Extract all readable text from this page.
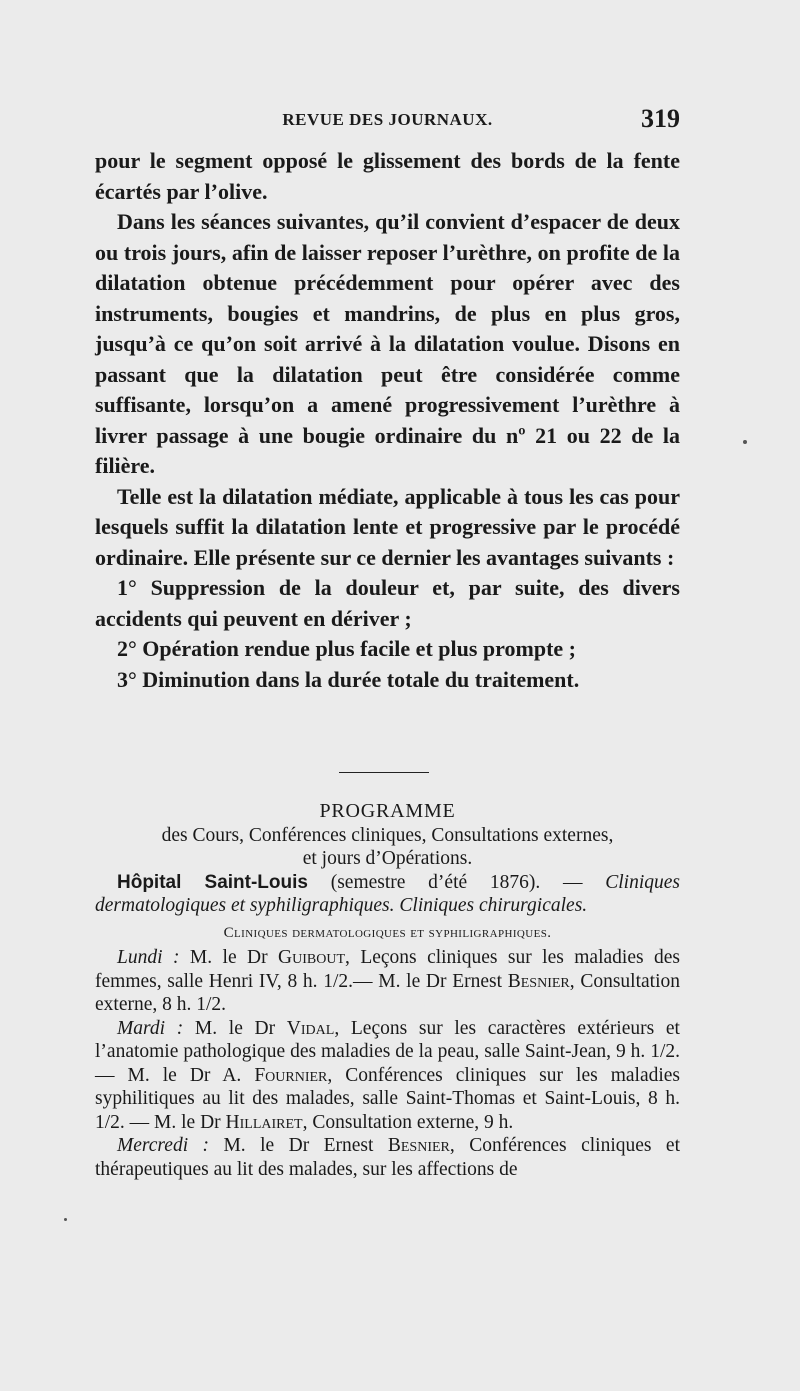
REVUE DES JOURNAUX.	319

pour le segment opposé le glissement des bords de la fente écartés par l’olive.

Dans les séances suivantes, qu’il convient d’espacer de deux ou trois jours, afin de laisser reposer l’urèthre, on profite de la dilatation obtenue précédemment pour opérer avec des instruments, bougies et mandrins, de plus en plus gros, jusqu’à ce qu’on soit arrivé à la dilatation voulue. Disons en passant que la dilatation peut être considérée comme suffisante, lorsqu’on a amené progressivement l’urèthre à livrer passage à une bougie ordinaire du nº 21 ou 22 de la filière.

Telle est la dilatation médiate, applicable à tous les cas pour lesquels suffit la dilatation lente et progressive par le procédé ordinaire. Elle présente sur ce dernier les avantages suivants :

1° Suppression de la douleur et, par suite, des divers accidents qui peuvent en dériver ;

2° Opération rendue plus facile et plus prompte ;

3° Diminution dans la durée totale du traitement.

PROGRAMME

des Cours, Conférences cliniques, Consultations externes,
et jours d’Opérations.

Hôpital Saint-Louis (semestre d’été 1876). — Cliniques dermatologiques et syphiligraphiques. Cliniques chirurgicales.

Cliniques dermatologiques et syphiligraphiques.

Lundi : M. le Dr Guibout, Leçons cliniques sur les maladies des femmes, salle Henri IV, 8 h. 1/2.— M. le Dr Ernest Besnier, Consultation externe, 8 h. 1/2.

Mardi : M. le Dr Vidal, Leçons sur les caractères extérieurs et l’anatomie pathologique des maladies de la peau, salle Saint-Jean, 9 h. 1/2. — M. le Dr A. Fournier, Conférences cliniques sur les maladies syphilitiques au lit des malades, salle Saint-Thomas et Saint-Louis, 8 h. 1/2. — M. le Dr Hillairet, Consultation externe, 9 h.

Mercredi : M. le Dr Ernest Besnier, Conférences cliniques et thérapeutiques au lit des malades, sur les affections de
